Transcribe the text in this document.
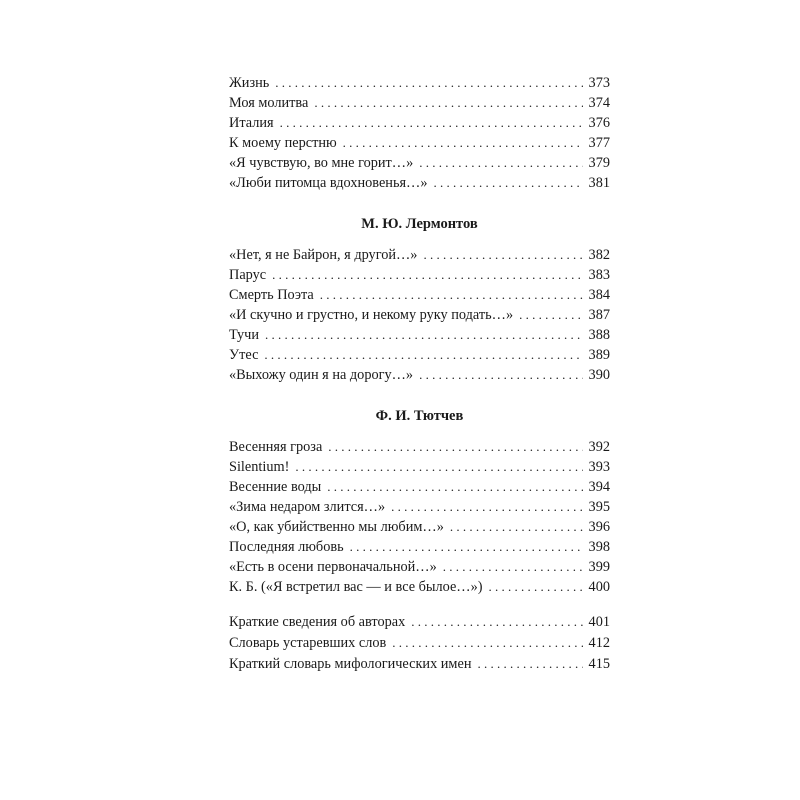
Жизнь . . .	373
Моя молитва . . .	374
Италия . . .	376
К моему перстню . . .	377
«Я чувствую, во мне горит…» . . .	379
«Люби питомца вдохновенья…» . . .	381
М. Ю. Лермонтов
«Нет, я не Байрон, я другой…» . . .	382
Парус . . .	383
Смерть Поэта . . .	384
«И скучно и грустно, и некому руку подать…» . . .	387
Тучи . . .	388
Утес . . .	389
«Выхожу один я на дорогу…» . . .	390
Ф. И. Тютчев
Весенняя гроза . . .	392
Silentium! . . .	393
Весенние воды . . .	394
«Зима недаром злится…» . . .	395
«О, как убийственно мы любим…» . . .	396
Последняя любовь . . .	398
«Есть в осени первоначальной…» . . .	399
К. Б. («Я встретил вас — и все былое…») . . .	400
Краткие сведения об авторах . . .	401
Словарь устаревших слов . . .	412
Краткий словарь мифологических имен . . .	415
